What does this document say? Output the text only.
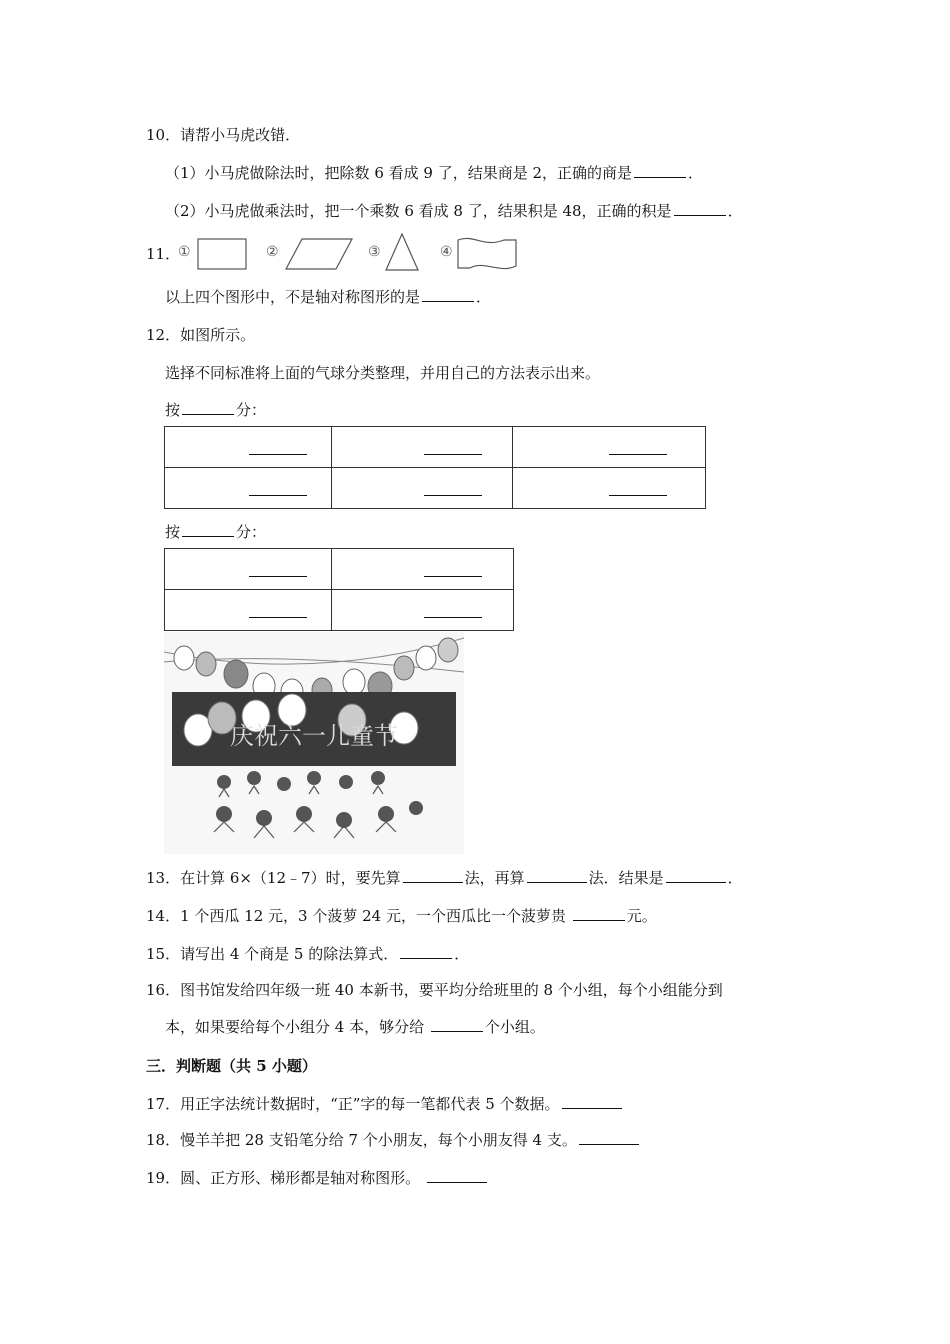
10．请帮小马虎改错．
（1）小马虎做除法时，把除数 6 看成 9 了，结果商是 2，正确的商是	．
（2）小马虎做乘法时，把一个乘数 6 看成 8 了，结果积是 48，正确的积是	．
11．
①	②	③	④
以上四个图形中，不是轴对称图形的是	．
12．如图所示。
选择不同标准将上面的气球分类整理，并用自己的方法表示出来。
按	分：

按	分：

庆祝六一儿童节
13．在计算 6×（12﹣7）时，要先算	法，再算	法．结果是	．
14．1 个西瓜 12 元，3 个菠萝 24 元，一个西瓜比一个菠萝贵	元。
15．请写出 4 个商是 5 的除法算式．	．
16．图书馆发给四年级一班 40 本新书，要平均分给班里的 8 个小组，每个小组能分到
本，如果要给每个小组分 4 本，够分给	个小组。
三．判断题（共 5 小题）
17．用正字法统计数据时，“正”字的每一笔都代表 5 个数据。
18．慢羊羊把 28 支铅笔分给 7 个小朋友，每个小朋友得 4 支。
19．圆、正方形、梯形都是轴对称图形。
